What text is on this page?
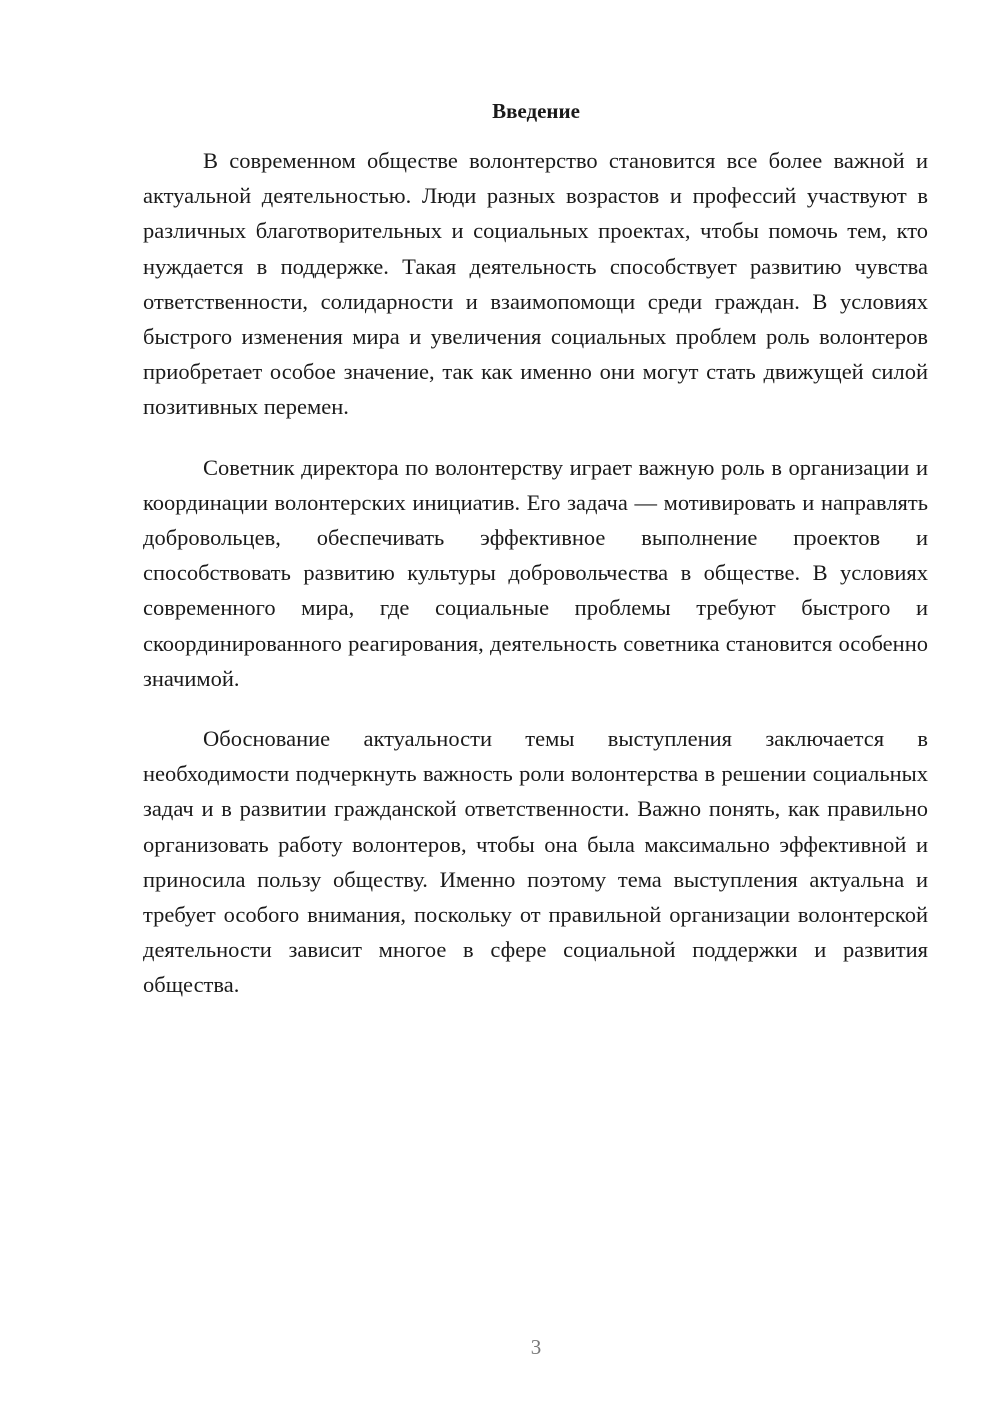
Введение

В современном обществе волонтерство становится все более важной и актуальной деятельностью. Люди разных возрастов и профессий участвуют в различных благотворительных и социальных проектах, чтобы помочь тем, кто нуждается в поддержке. Такая деятельность способствует развитию чувства ответственности, солидарности и взаимопомощи среди граждан. В условиях быстрого изменения мира и увеличения социальных проблем роль волонтеров приобретает особое значение, так как именно они могут стать движущей силой позитивных перемен.

Советник директора по волонтерству играет важную роль в организации и координации волонтерских инициатив. Его задача — мотивировать и направлять добровольцев, обеспечивать эффективное выполнение проектов и способствовать развитию культуры добровольчества в обществе. В условиях современного мира, где социальные проблемы требуют быстрого и скоординированного реагирования, деятельность советника становится особенно значимой.

Обоснование актуальности темы выступления заключается в необходимости подчеркнуть важность роли волонтерства в решении социальных задач и в развитии гражданской ответственности. Важно понять, как правильно организовать работу волонтеров, чтобы она была максимально эффективной и приносила пользу обществу. Именно поэтому тема выступления актуальна и требует особого внимания, поскольку от правильной организации волонтерской деятельности зависит многое в сфере социальной поддержки и развития общества.

3
